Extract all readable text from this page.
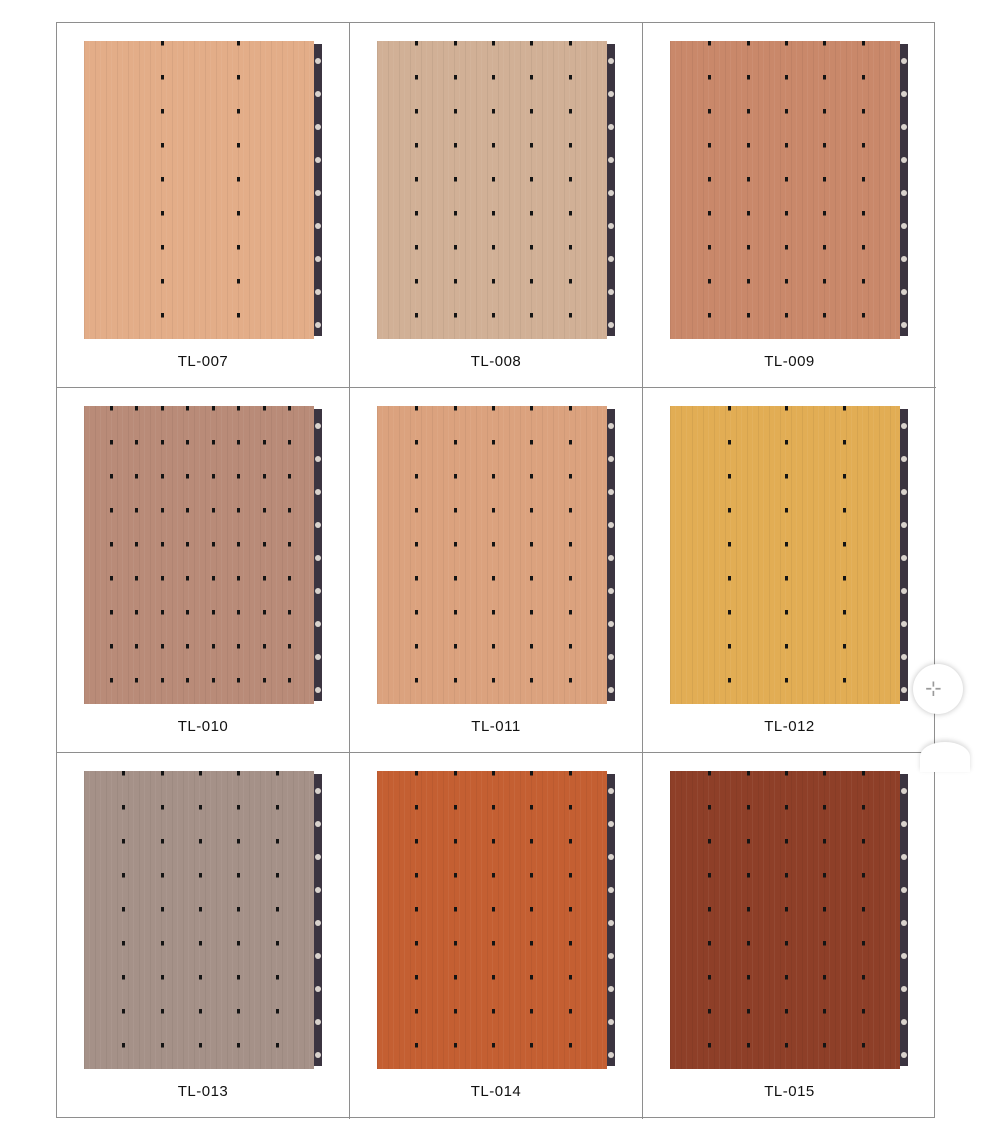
TL-007	TL-008	TL-009
TL-010	TL-011	TL-012
TL-013	TL-014	TL-015
⊹
